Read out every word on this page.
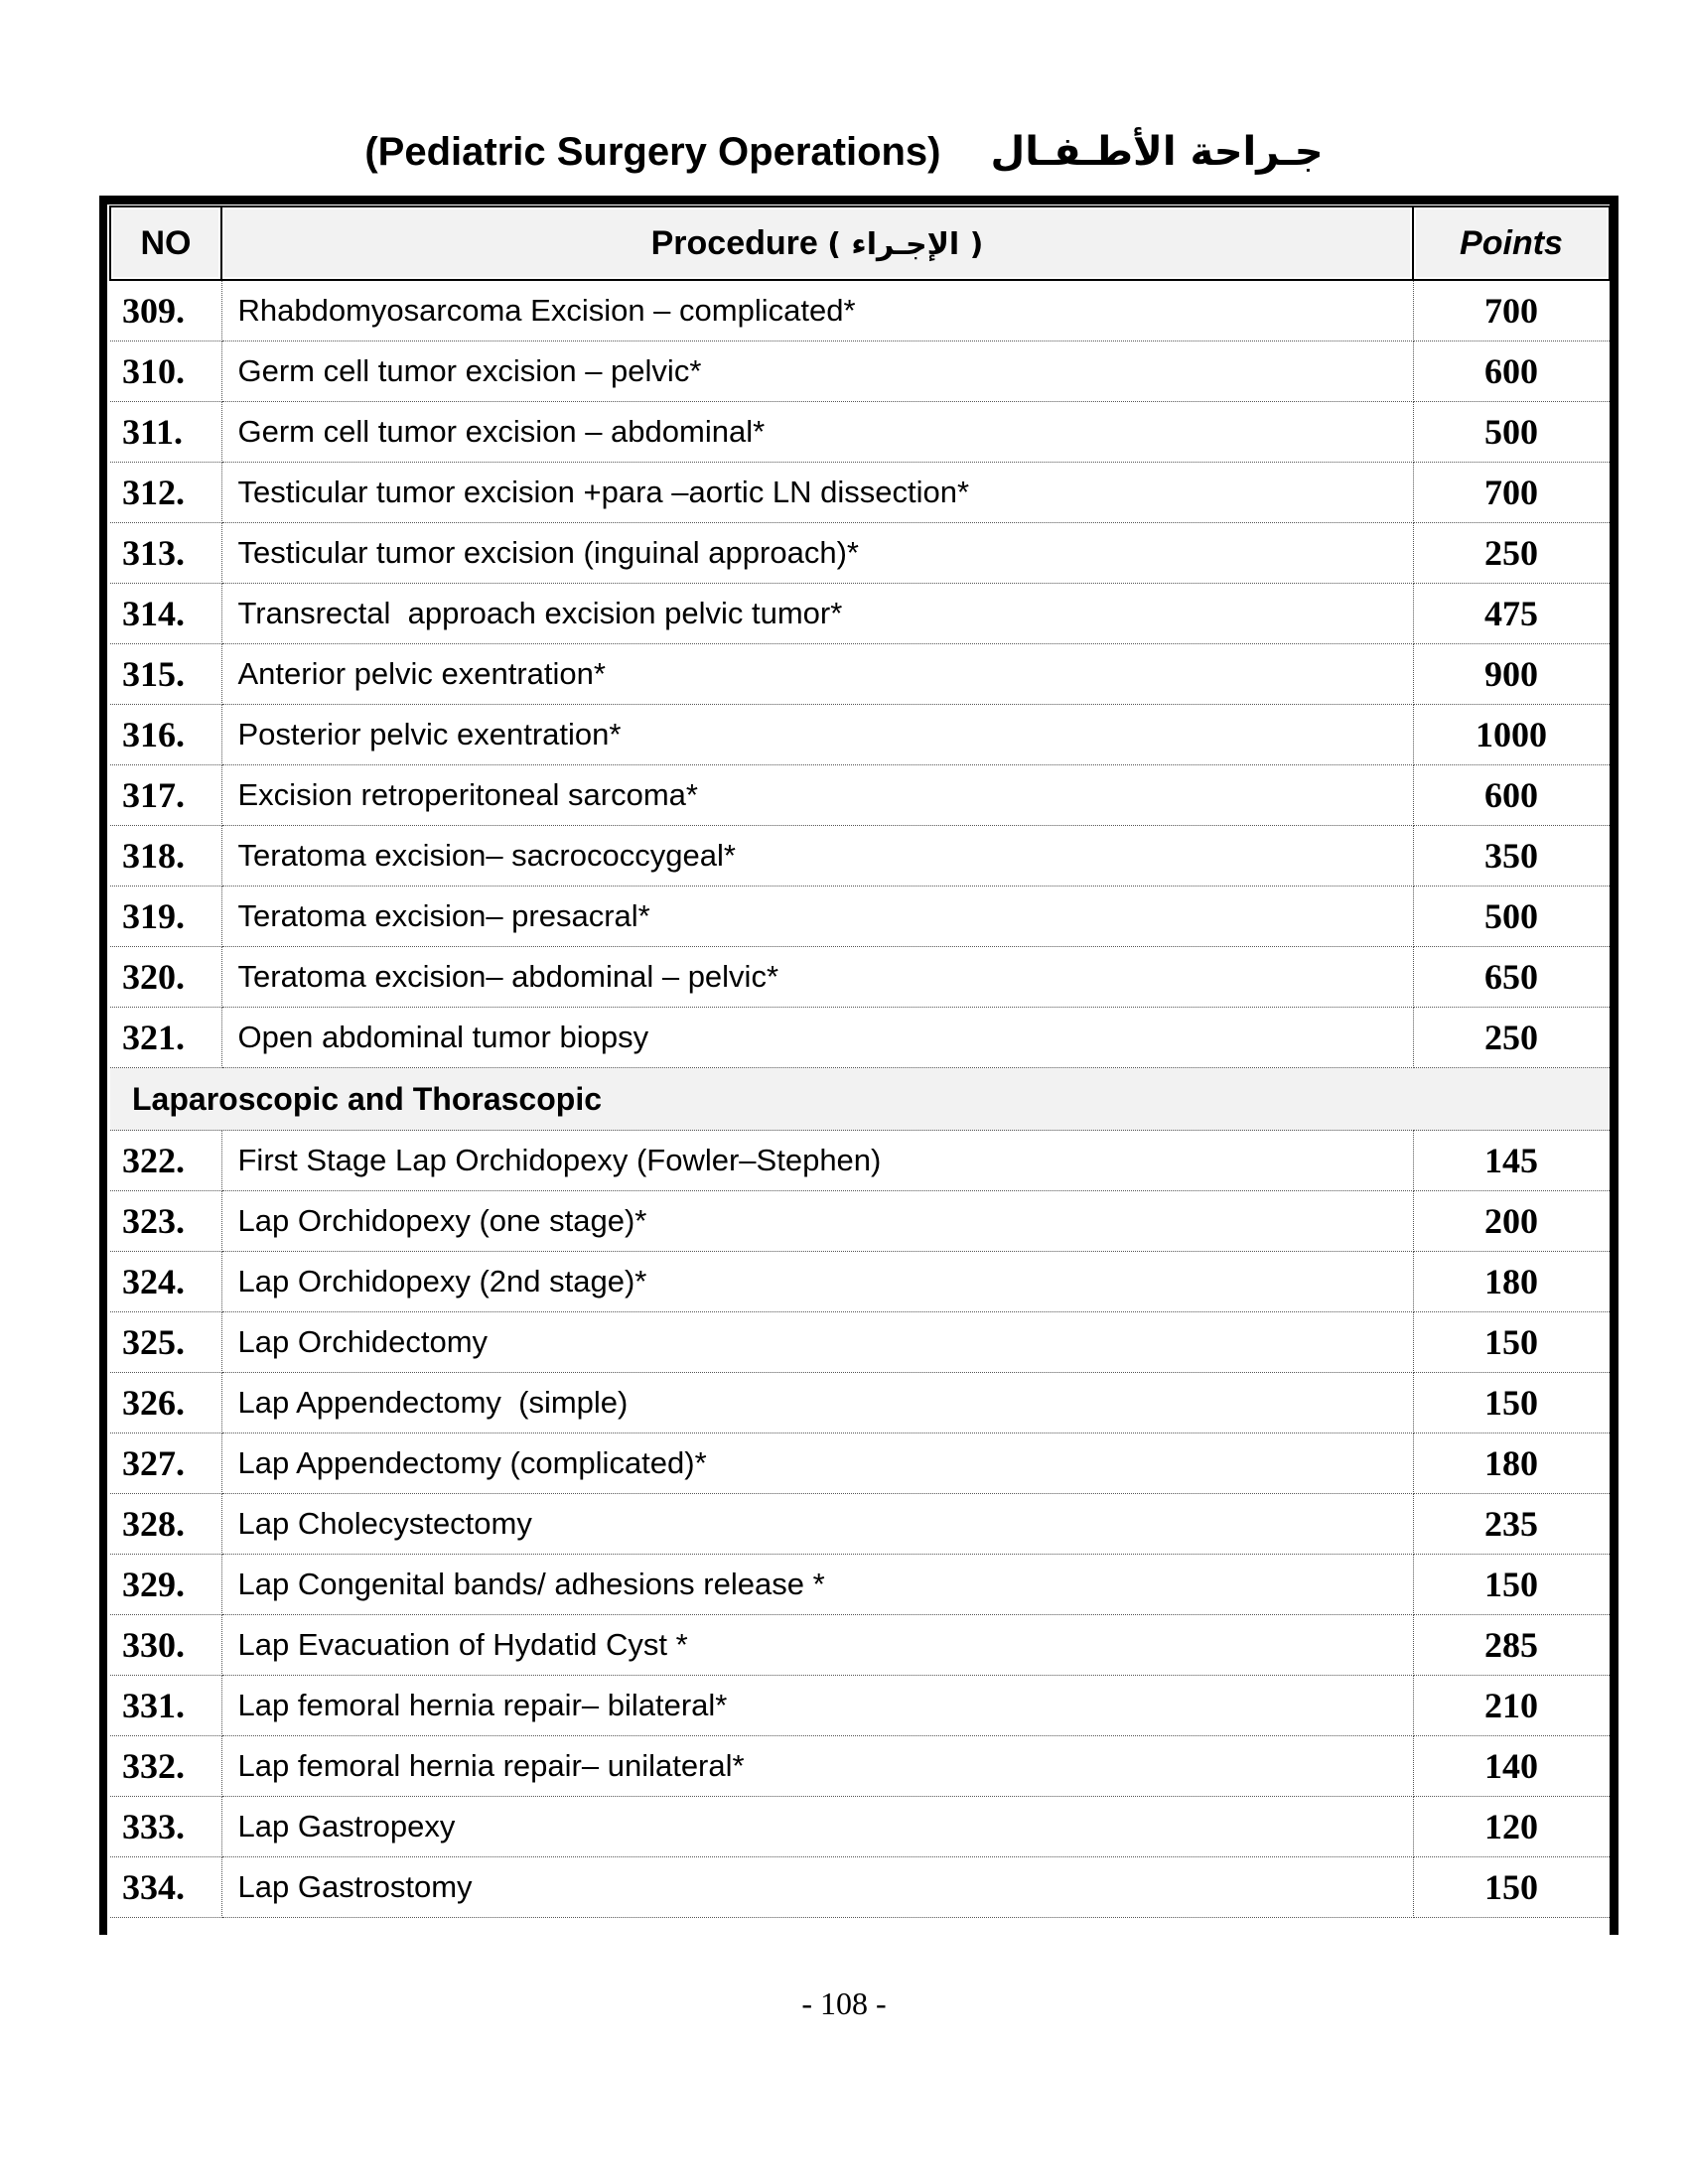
(Pediatric Surgery Operations) جـراحة الأطـفـال
NO	Procedure ( الإجـراء )	Points
309.	Rhabdomyosarcoma Excision – complicated*	700
310.	Germ cell tumor excision – pelvic*	600
311.	Germ cell tumor excision – abdominal*	500
312.	Testicular tumor excision +para –aortic LN dissection*	700
313.	Testicular tumor excision (inguinal approach)*	250
314.	Transrectal  approach excision pelvic tumor*	475
315.	Anterior pelvic exentration*	900
316.	Posterior pelvic exentration*	1000
317.	Excision retroperitoneal sarcoma*	600
318.	Teratoma excision– sacrococcygeal*	350
319.	Teratoma excision– presacral*	500
320.	Teratoma excision– abdominal – pelvic*	650
321.	Open abdominal tumor biopsy	250
Laparoscopic and Thorascopic		
322.	First Stage Lap Orchidopexy (Fowler–Stephen)	145
323.	Lap Orchidopexy (one stage)*	200
324.	Lap Orchidopexy (2nd stage)*	180
325.	Lap Orchidectomy	150
326.	Lap Appendectomy  (simple)	150
327.	Lap Appendectomy (complicated)*	180
328.	Lap Cholecystectomy	235
329.	Lap Congenital bands/ adhesions release *	150
330.	Lap Evacuation of Hydatid Cyst *	285
331.	Lap femoral hernia repair– bilateral*	210
332.	Lap femoral hernia repair– unilateral*	140
333.	Lap Gastropexy	120
334.	Lap Gastrostomy	150
- 108 -
